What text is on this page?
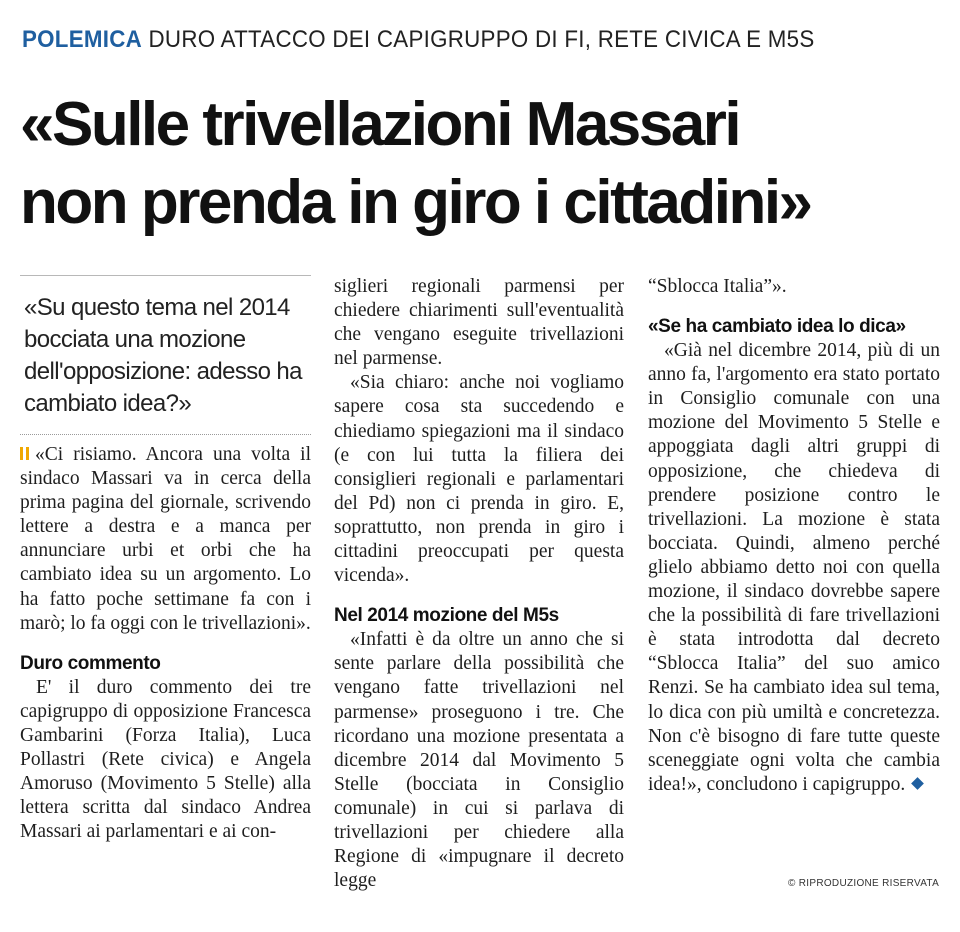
POLEMICA DURO ATTACCO DEI CAPIGRUPPO DI FI, RETE CIVICA E M5S
«Sulle trivellazioni Massari
non prenda in giro i cittadini»
«Su questo tema nel 2014 bocciata una mozione dell'opposizione: adesso ha cambiato idea?»

«Ci risiamo. Ancora una volta il sindaco Massari va in cerca della prima pagina del giornale, scrivendo lettere a destra e a manca per annunciare urbi et orbi che ha cambiato idea su un argomento. Lo ha fatto poche settimane fa con i marò; lo fa oggi con le trivellazioni».

Duro commento

E' il duro commento dei tre capigruppo di opposizione Francesca Gambarini (Forza Italia), Luca Pollastri (Rete civica) e Angela Amoruso (Movimento 5 Stelle) alla lettera scritta dal sindaco Andrea Massari ai parlamentari e ai con-

siglieri regionali parmensi per chiedere chiarimenti sull'eventualità che vengano eseguite trivellazioni nel parmense.

«Sia chiaro: anche noi vogliamo sapere cosa sta succedendo e chiediamo spiegazioni ma il sindaco (e con lui tutta la filiera dei consiglieri regionali e parlamentari del Pd) non ci prenda in giro. E, soprattutto, non prenda in giro i cittadini preoccupati per questa vicenda».

Nel 2014 mozione del M5s

«Infatti è da oltre un anno che si sente parlare della possibilità che vengano fatte trivellazioni nel parmense» proseguono i tre. Che ricordano una mozione presentata a dicembre 2014 dal Movimento 5 Stelle (bocciata in Consiglio comunale) in cui si parlava di trivellazioni per chiedere alla Regione di «impugnare il decreto legge

“Sblocca Italia”».

«Se ha cambiato idea lo dica»

«Già nel dicembre 2014, più di un anno fa, l'argomento era stato portato in Consiglio comunale con una mozione del Movimento 5 Stelle e appoggiata dagli altri gruppi di opposizione, che chiedeva di prendere posizione contro le trivellazioni. La mozione è stata bocciata. Quindi, almeno perché glielo abbiamo detto noi con quella mozione, il sindaco dovrebbe sapere che la possibilità di fare trivellazioni è stata introdotta dal decreto “Sblocca Italia” del suo amico Renzi. Se ha cambiato idea sul tema, lo dica con più umiltà e concretezza. Non c'è bisogno di fare tutte queste sceneggiate ogni volta che cambia idea!», concludono i capigruppo.

© RIPRODUZIONE RISERVATA
